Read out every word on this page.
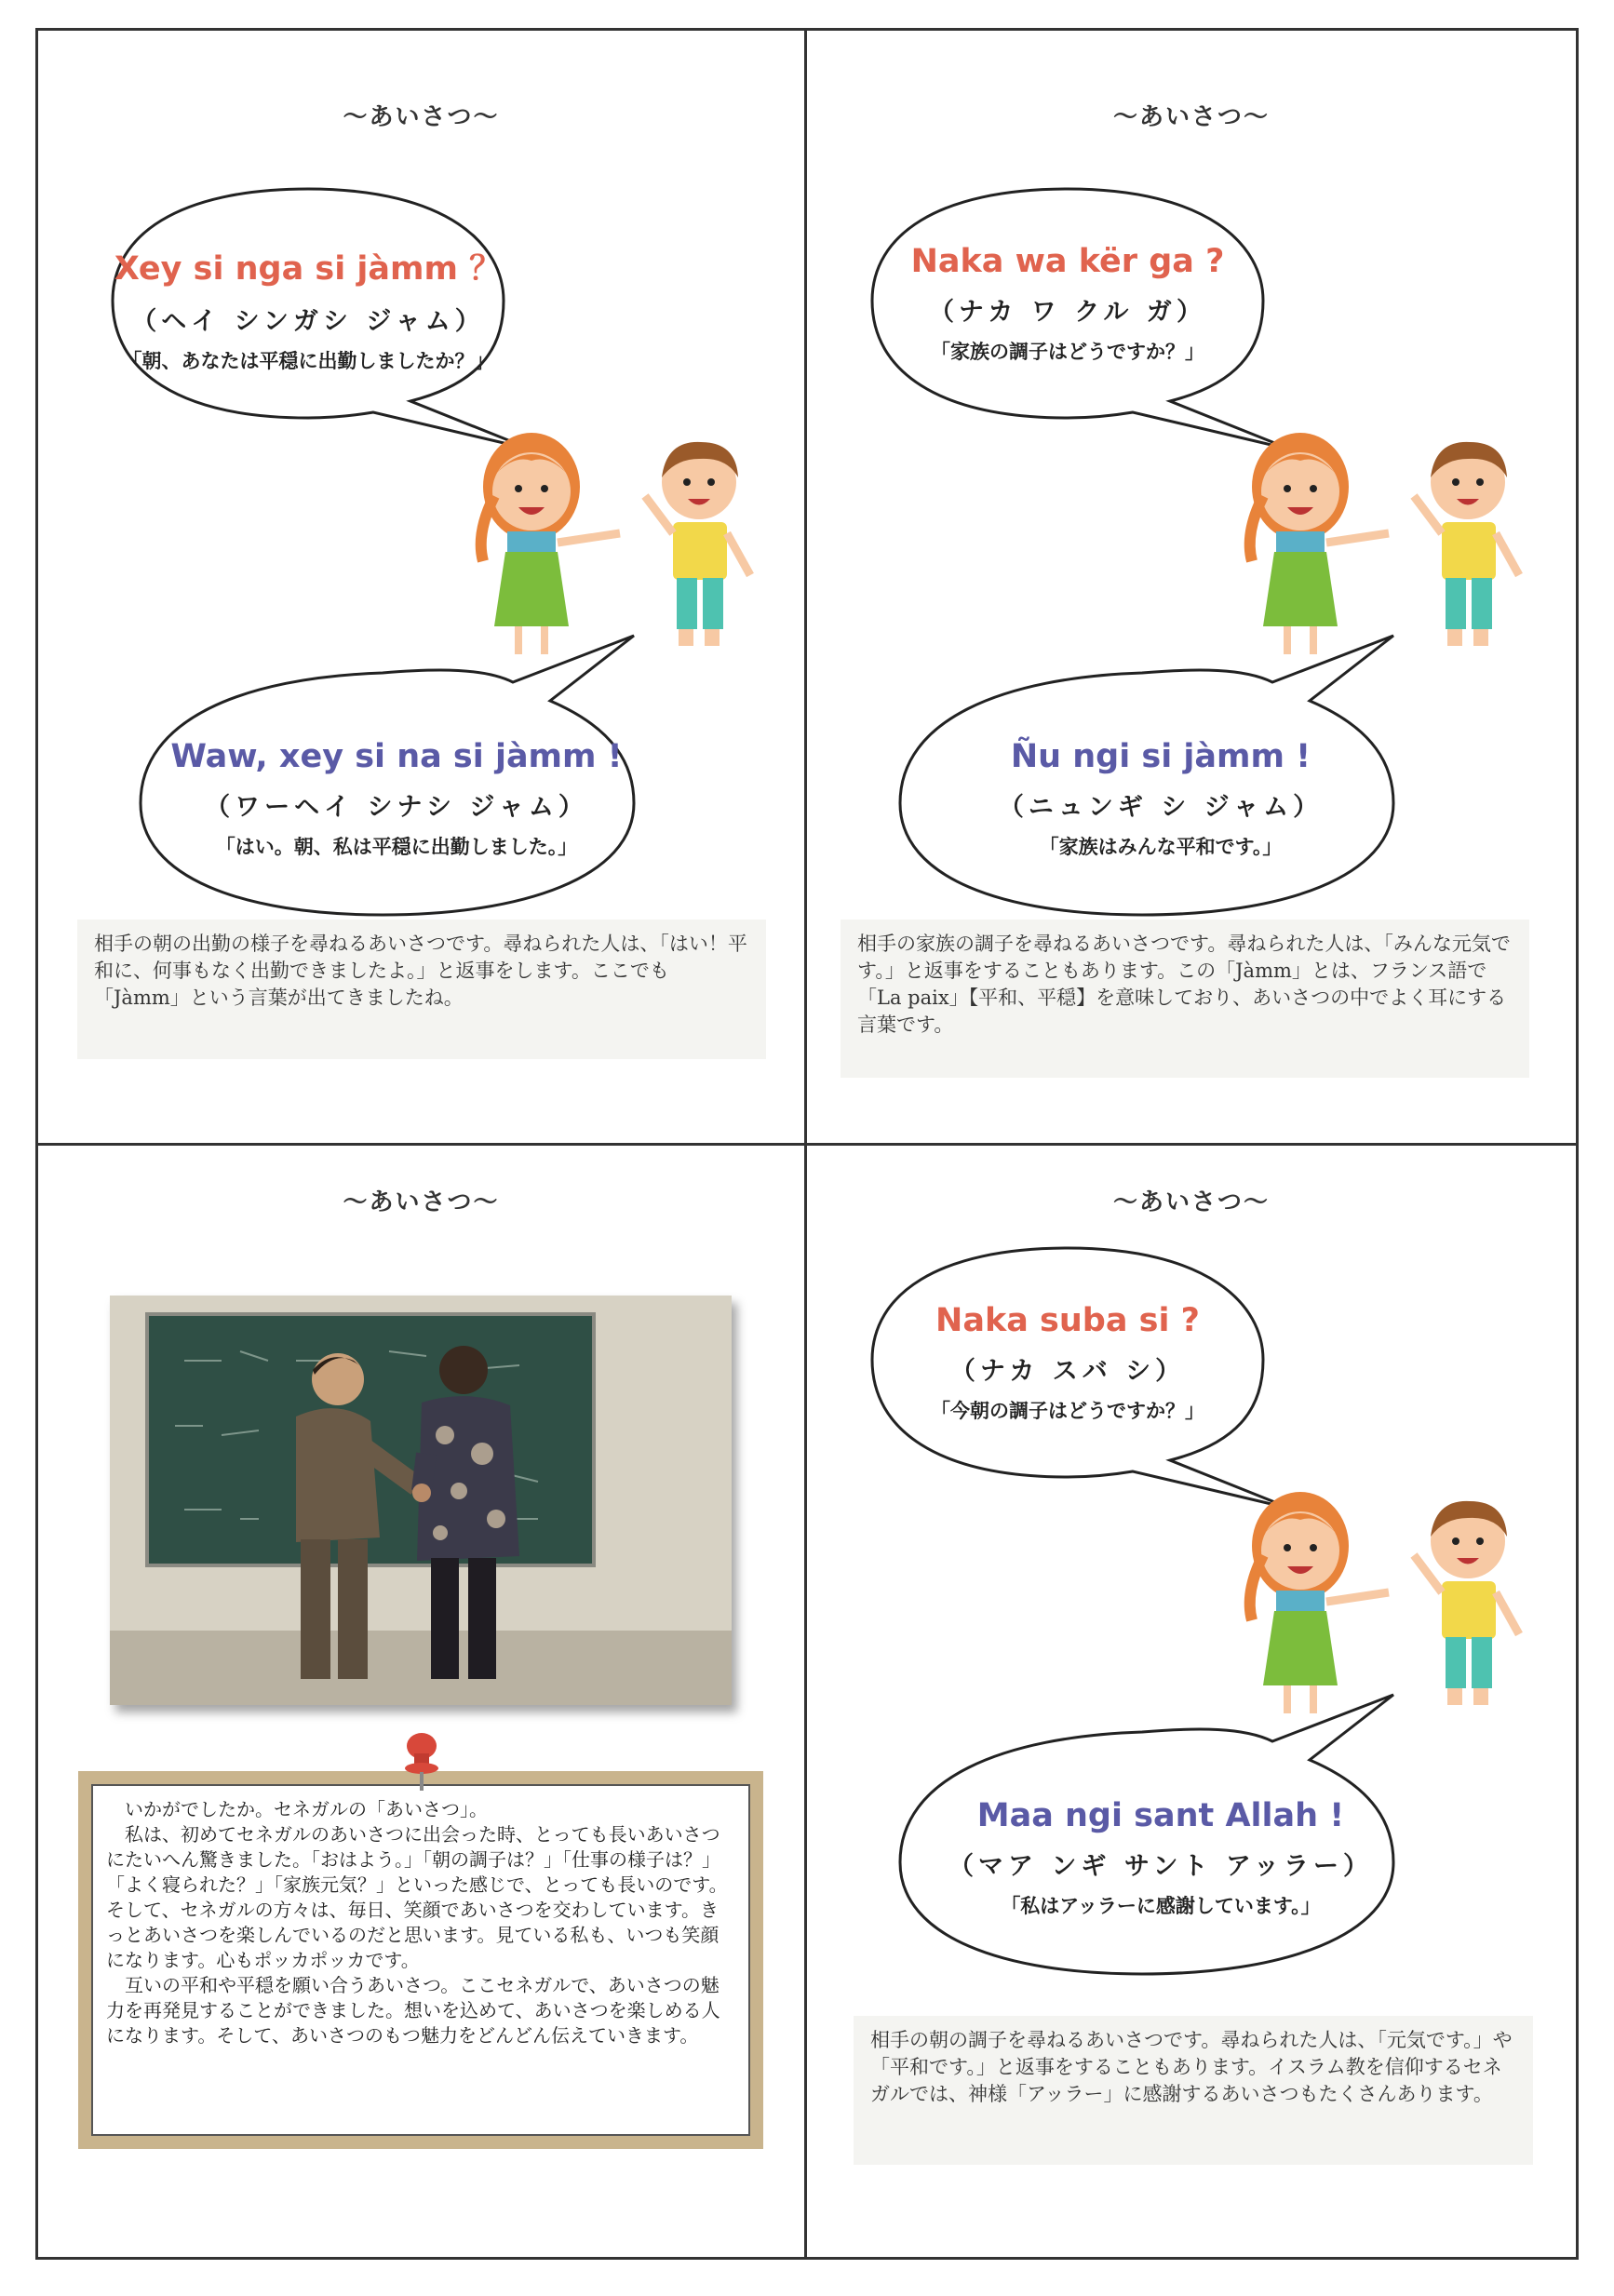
～あいさつ～
Xey si nga si jàmm ？
（ヘイ シンガシ ジャム）
「朝、あなたは平穏に出勤しましたか？」
Waw, xey si na si jàmm !
（ワーヘイ シナシ ジャム）
「はい。朝、私は平穏に出勤しました。」
相手の朝の出勤の様子を尋ねるあいさつです。尋ねられた人は、「はい！平和に、何事もなく出勤できましたよ。」と返事をします。ここでも「Jàmm」という言葉が出てきましたね。
～あいさつ～
Naka wa kër ga ?
（ナカ ワ クル ガ）
「家族の調子はどうですか？」
Ñu ngi si jàmm !
（ニュンギ シ ジャム）
「家族はみんな平和です。」
相手の家族の調子を尋ねるあいさつです。尋ねられた人は、「みんな元気です。」と返事をすることもあります。この「Jàmm」とは、フランス語で「La paix」【平和、平穏】を意味しており、あいさつの中でよく耳にする言葉です。
～あいさつ～

いかがでしたか。セネガルの「あいさつ」。

私は、初めてセネガルのあいさつに出会った時、とっても長いあいさつにたいへん驚きました。「おはよう。」「朝の調子は？」「仕事の様子は？」「よく寝られた？」「家族元気？」といった感じで、とっても長いのです。そして、セネガルの方々は、毎日、笑顔であいさつを交わしています。きっとあいさつを楽しんでいるのだと思います。見ている私も、いつも笑顔になります。心もポッカポッカです。

互いの平和や平穏を願い合うあいさつ。ここセネガルで、あいさつの魅力を再発見することができました。想いを込めて、あいさつを楽しめる人になります。そして、あいさつのもつ魅力をどんどん伝えていきます。

～あいさつ～
Naka suba si ?
（ナカ スバ シ）
「今朝の調子はどうですか？」
Maa ngi sant Allah !
（マア ンギ サント アッラー）
「私はアッラーに感謝しています。」
相手の朝の調子を尋ねるあいさつです。尋ねられた人は、「元気です。」や「平和です。」と返事をすることもあります。イスラム教を信仰するセネガルでは、神様「アッラー」に感謝するあいさつもたくさんあります。
